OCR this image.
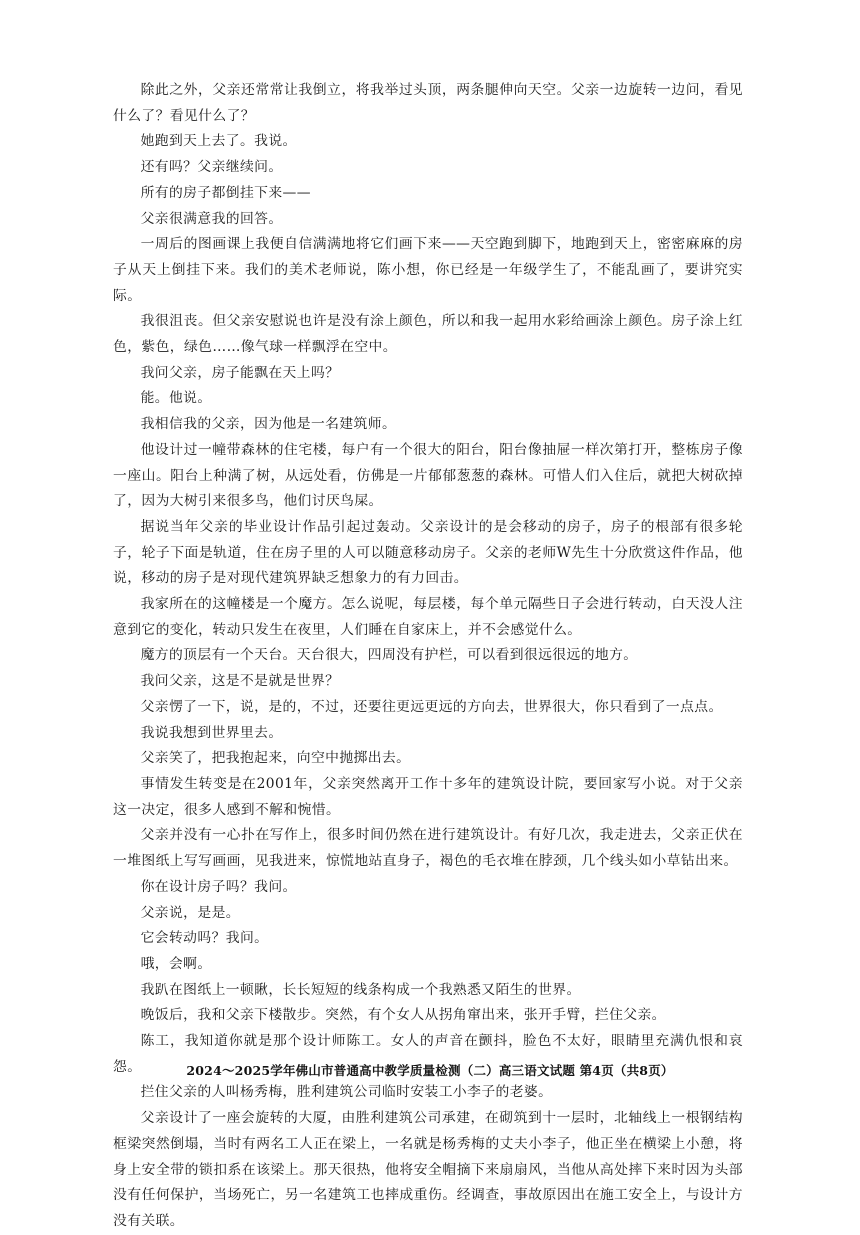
除此之外，父亲还常常让我倒立，将我举过头顶，两条腿伸向天空。父亲一边旋转一边问，看见什么了？看见什么了？

她跑到天上去了。我说。

还有吗？父亲继续问。

所有的房子都倒挂下来——

父亲很满意我的回答。

一周后的图画课上我便自信满满地将它们画下来——天空跑到脚下，地跑到天上，密密麻麻的房子从天上倒挂下来。我们的美术老师说，陈小想，你已经是一年级学生了，不能乱画了，要讲究实际。

我很沮丧。但父亲安慰说也许是没有涂上颜色，所以和我一起用水彩给画涂上颜色。房子涂上红色，紫色，绿色……像气球一样飘浮在空中。

我问父亲，房子能飘在天上吗？

能。他说。

我相信我的父亲，因为他是一名建筑师。

他设计过一幢带森林的住宅楼，每户有一个很大的阳台，阳台像抽屉一样次第打开，整栋房子像一座山。阳台上种满了树，从远处看，仿佛是一片郁郁葱葱的森林。可惜人们入住后，就把大树砍掉了，因为大树引来很多鸟，他们讨厌鸟屎。

据说当年父亲的毕业设计作品引起过轰动。父亲设计的是会移动的房子，房子的根部有很多轮子，轮子下面是轨道，住在房子里的人可以随意移动房子。父亲的老师W先生十分欣赏这件作品，他说，移动的房子是对现代建筑界缺乏想象力的有力回击。

我家所在的这幢楼是一个魔方。怎么说呢，每层楼，每个单元隔些日子会进行转动，白天没人注意到它的变化，转动只发生在夜里，人们睡在自家床上，并不会感觉什么。

魔方的顶层有一个天台。天台很大，四周没有护栏，可以看到很远很远的地方。

我问父亲，这是不是就是世界？

父亲愣了一下，说，是的，不过，还要往更远更远的方向去，世界很大，你只看到了一点点。

我说我想到世界里去。

父亲笑了，把我抱起来，向空中抛掷出去。

事情发生转变是在2001年，父亲突然离开工作十多年的建筑设计院，要回家写小说。对于父亲这一决定，很多人感到不解和惋惜。

父亲并没有一心扑在写作上，很多时间仍然在进行建筑设计。有好几次，我走进去，父亲正伏在一堆图纸上写写画画，见我进来，惊慌地站直身子，褐色的毛衣堆在脖颈，几个线头如小草钻出来。

你在设计房子吗？我问。

父亲说，是是。

它会转动吗？我问。

哦，会啊。

我趴在图纸上一顿瞅，长长短短的线条构成一个我熟悉又陌生的世界。

晚饭后，我和父亲下楼散步。突然，有个女人从拐角窜出来，张开手臂，拦住父亲。

陈工，我知道你就是那个设计师陈工。女人的声音在颤抖，脸色不太好，眼睛里充满仇恨和哀怨。

拦住父亲的人叫杨秀梅，胜利建筑公司临时安装工小李子的老婆。

父亲设计了一座会旋转的大厦，由胜利建筑公司承建，在砌筑到十一层时，北轴线上一根钢结构框梁突然倒塌，当时有两名工人正在梁上，一名就是杨秀梅的丈夫小李子，他正坐在横梁上小憩，将身上安全带的锁扣系在该梁上。那天很热，他将安全帽摘下来扇扇风，当他从高处摔下来时因为头部没有任何保护，当场死亡，另一名建筑工也摔成重伤。经调查，事故原因出在施工安全上，与设计方没有关联。

2024～2025学年佛山市普通高中教学质量检测（二）高三语文试题 第4页（共8页）
